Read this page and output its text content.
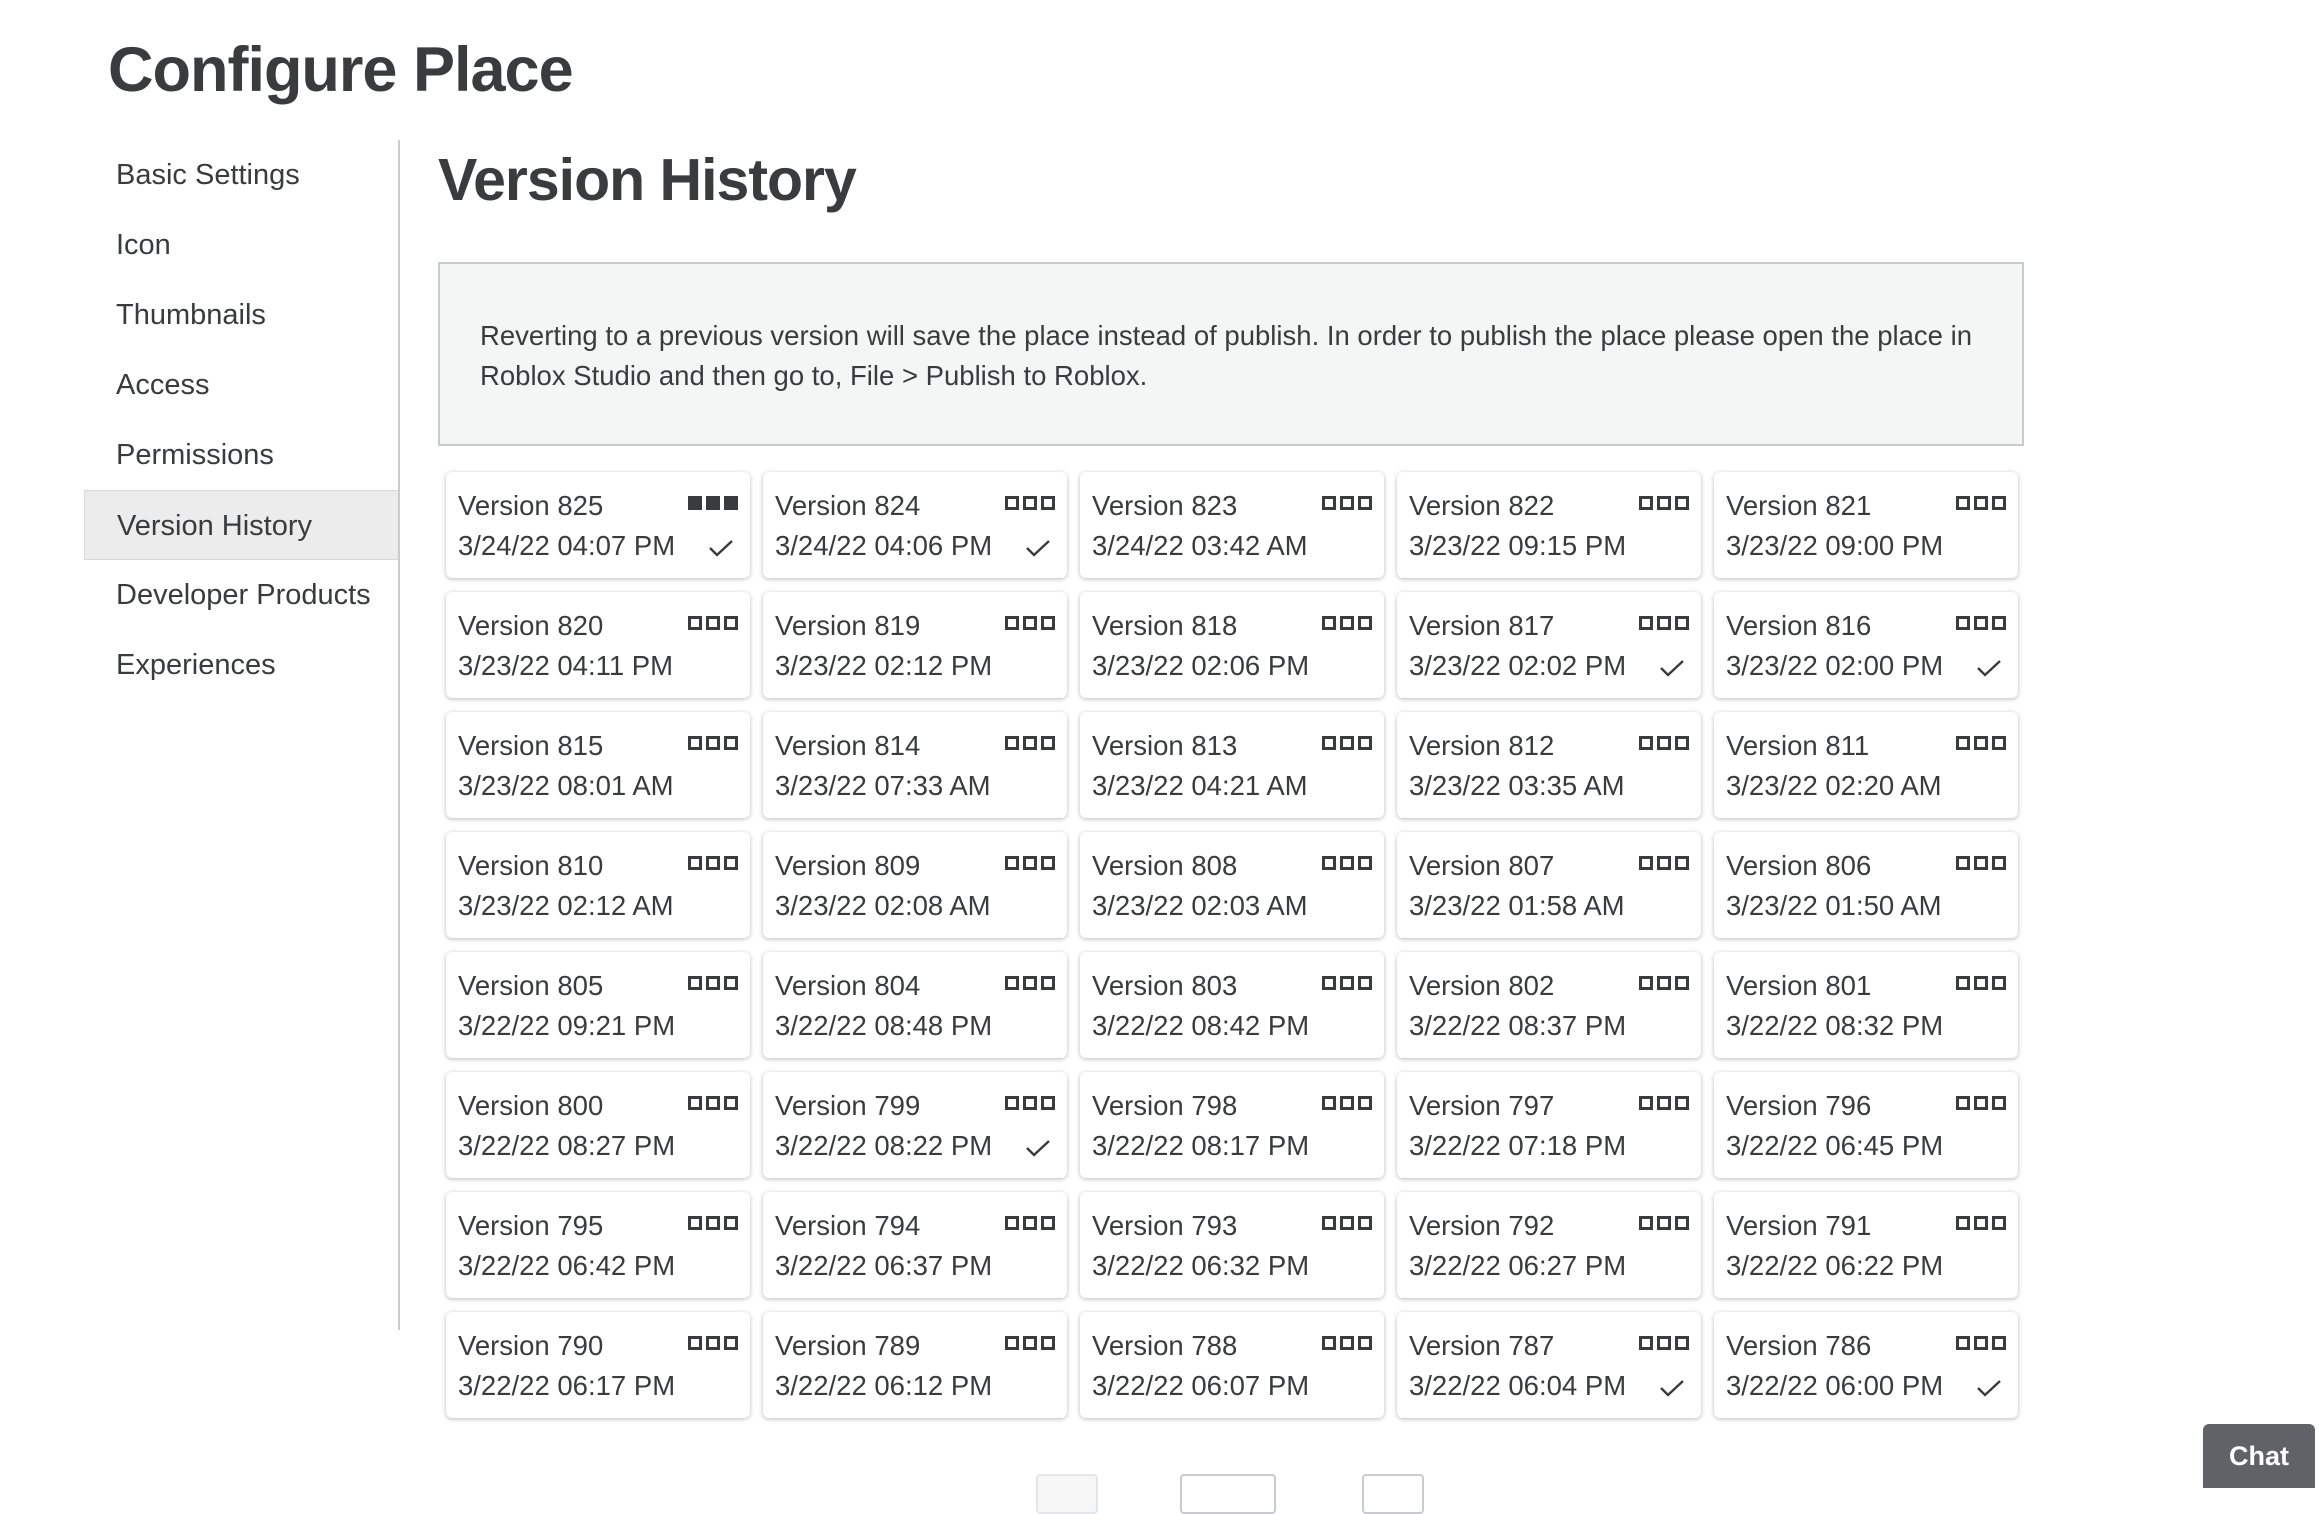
Configure Place
Basic Settings
Icon
Thumbnails
Access
Permissions
Version History
Developer Products
Experiences
Version History
Reverting to a previous version will save the place instead of publish. In order to publish the place please open the place in Roblox Studio and then go to, File > Publish to Roblox.
Version 825
3/24/22 04:07 PM
Version 824
3/24/22 04:06 PM
Version 823
3/24/22 03:42 AM
Version 822
3/23/22 09:15 PM
Version 821
3/23/22 09:00 PM
Version 820
3/23/22 04:11 PM
Version 819
3/23/22 02:12 PM
Version 818
3/23/22 02:06 PM
Version 817
3/23/22 02:02 PM
Version 816
3/23/22 02:00 PM
Version 815
3/23/22 08:01 AM
Version 814
3/23/22 07:33 AM
Version 813
3/23/22 04:21 AM
Version 812
3/23/22 03:35 AM
Version 811
3/23/22 02:20 AM
Version 810
3/23/22 02:12 AM
Version 809
3/23/22 02:08 AM
Version 808
3/23/22 02:03 AM
Version 807
3/23/22 01:58 AM
Version 806
3/23/22 01:50 AM
Version 805
3/22/22 09:21 PM
Version 804
3/22/22 08:48 PM
Version 803
3/22/22 08:42 PM
Version 802
3/22/22 08:37 PM
Version 801
3/22/22 08:32 PM
Version 800
3/22/22 08:27 PM
Version 799
3/22/22 08:22 PM
Version 798
3/22/22 08:17 PM
Version 797
3/22/22 07:18 PM
Version 796
3/22/22 06:45 PM
Version 795
3/22/22 06:42 PM
Version 794
3/22/22 06:37 PM
Version 793
3/22/22 06:32 PM
Version 792
3/22/22 06:27 PM
Version 791
3/22/22 06:22 PM
Version 790
3/22/22 06:17 PM
Version 789
3/22/22 06:12 PM
Version 788
3/22/22 06:07 PM
Version 787
3/22/22 06:04 PM
Version 786
3/22/22 06:00 PM
Chat
